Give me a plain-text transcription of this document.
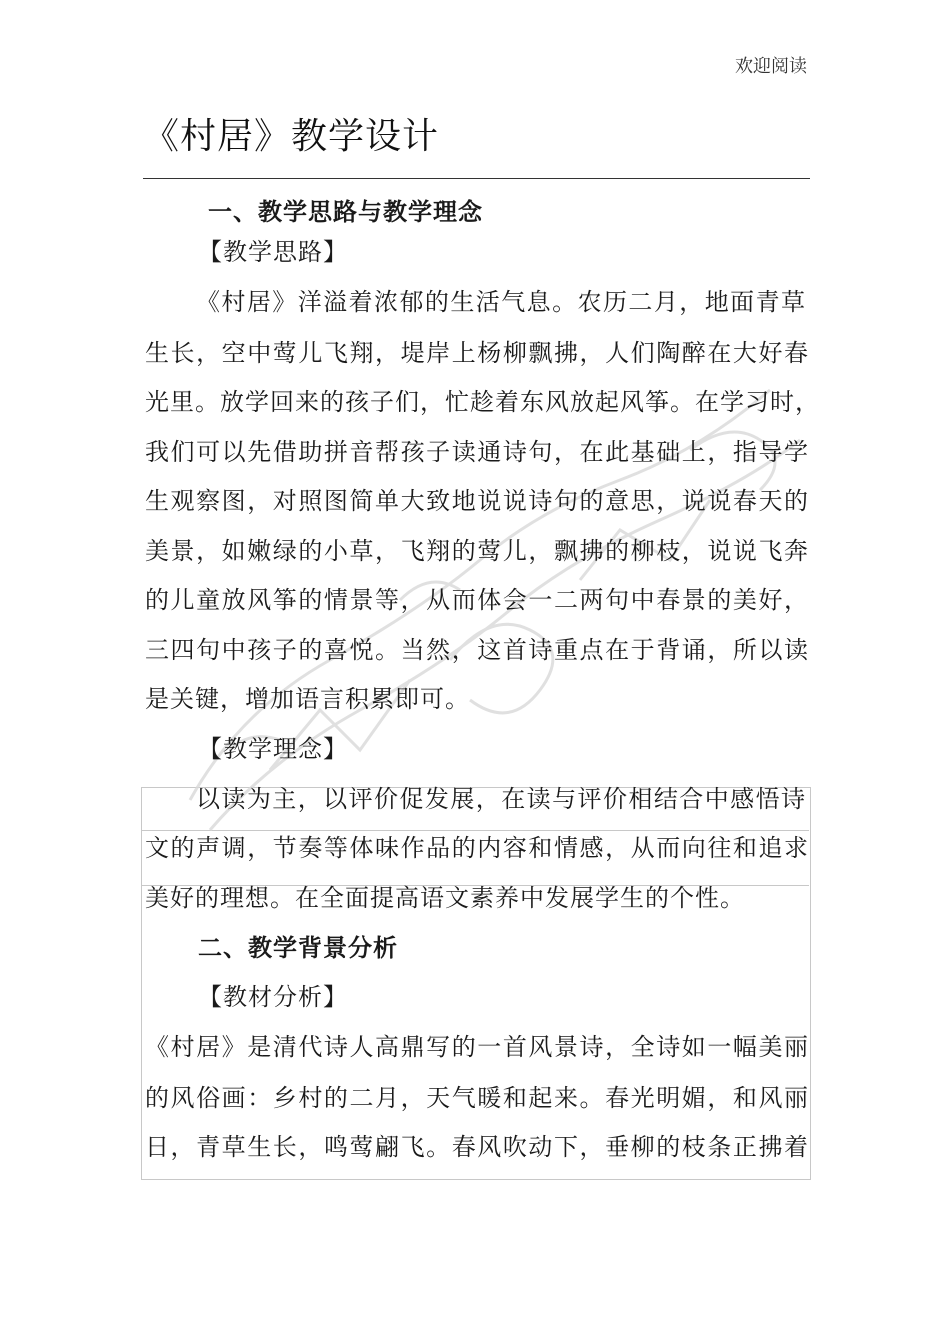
欢迎阅读
《村居》教学设计
一、教学思路与教学理念
【教学思路】
《村居》洋溢着浓郁的生活气息。农历二月，地面青草
生长，空中莺儿飞翔，堤岸上杨柳飘拂，人们陶醉在大好春
光里。放学回来的孩子们，忙趁着东风放起风筝。在学习时，
我们可以先借助拼音帮孩子读通诗句，在此基础上，指导学
生观察图，对照图简单大致地说说诗句的意思，说说春天的
美景，如嫩绿的小草，飞翔的莺儿，飘拂的柳枝，说说飞奔
的儿童放风筝的情景等，从而体会一二两句中春景的美好，
三四句中孩子的喜悦。当然，这首诗重点在于背诵，所以读
是关键，增加语言积累即可。
【教学理念】
以读为主，以评价促发展，在读与评价相结合中感悟诗
文的声调，节奏等体味作品的内容和情感，从而向往和追求
美好的理想。在全面提高语文素养中发展学生的个性。
二、教学背景分析
【教材分析】
《村居》是清代诗人高鼎写的一首风景诗，全诗如一幅美丽
的风俗画：乡村的二月，天气暖和起来。春光明媚，和风丽
日，青草生长，鸣莺翩飞。春风吹动下，垂柳的枝条正拂着
